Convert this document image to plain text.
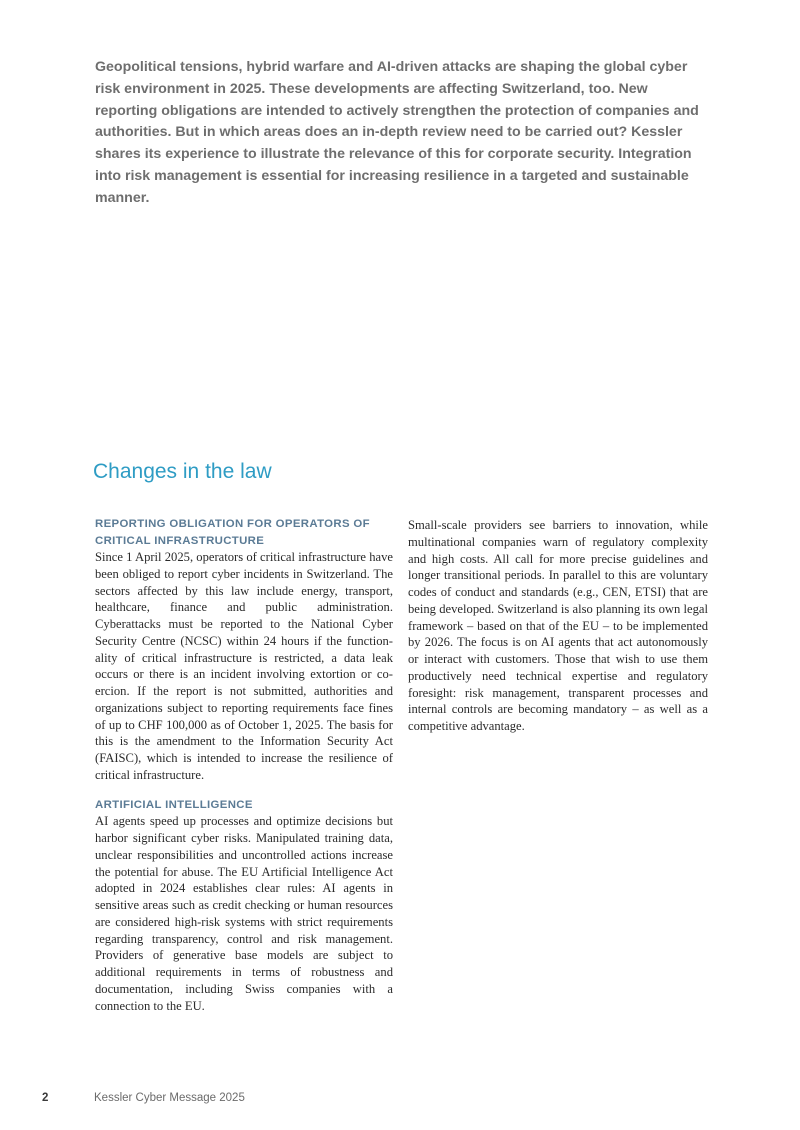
Geopolitical tensions, hybrid warfare and AI-driven attacks are shaping the global cyber risk environment in 2025. These developments are affecting Switzerland, too. New reporting obligations are intended to actively strengthen the protection of companies and authorities. But in which areas does an in-depth review need to be carried out? Kessler shares its experience to illustrate the relevance of this for corporate security. Integration into risk management is essential for increasing resilience in a targeted and sustainable manner.

Changes in the law
REPORTING OBLIGATION FOR OPERATORS OF CRITICAL INFRASTRUCTURE

Since 1 April 2025, operators of critical infrastructure have been obliged to report cyber incidents in Switzerland. The sectors affected by this law include energy, transport, healthcare, finance and public administration. Cyberattacks must be reported to the National Cyber Security Centre (NCSC) within 24 hours if the functionality of critical infrastructure is restricted, a data leak occurs or there is an incident involving extortion or coercion. If the report is not submitted, authorities and organizations subject to reporting requirements face fines of up to CHF 100,000 as of October 1, 2025. The basis for this is the amendment to the Information Security Act (FAISC), which is intended to increase the resilience of critical infrastructure.

ARTIFICIAL INTELLIGENCE

AI agents speed up processes and optimize decisions but harbor significant cyber risks. Manipulated training data, unclear responsibilities and uncontrolled actions increase the potential for abuse. The EU Artificial Intelligence Act adopted in 2024 establishes clear rules: AI agents in sensitive areas such as credit checking or human resources are considered high-risk systems with strict requirements regarding transparency, control and risk management. Providers of generative base models are subject to additional requirements in terms of robustness and documentation, including Swiss companies with a connection to the EU.

Small-scale providers see barriers to innovation, while multinational companies warn of regulatory complexity and high costs. All call for more precise guidelines and longer transitional periods. In parallel to this are voluntary codes of conduct and standards (e.g., CEN, ETSI) that are being developed. Switzerland is also planning its own legal framework – based on that of the EU – to be implemented by 2026. The focus is on AI agents that act autonomously or interact with customers. Those that wish to use them productively need technical expertise and regulatory foresight: risk management, transparent processes and internal controls are becoming mandatory – as well as a competitive advantage.

2	Kessler Cyber Message 2025
